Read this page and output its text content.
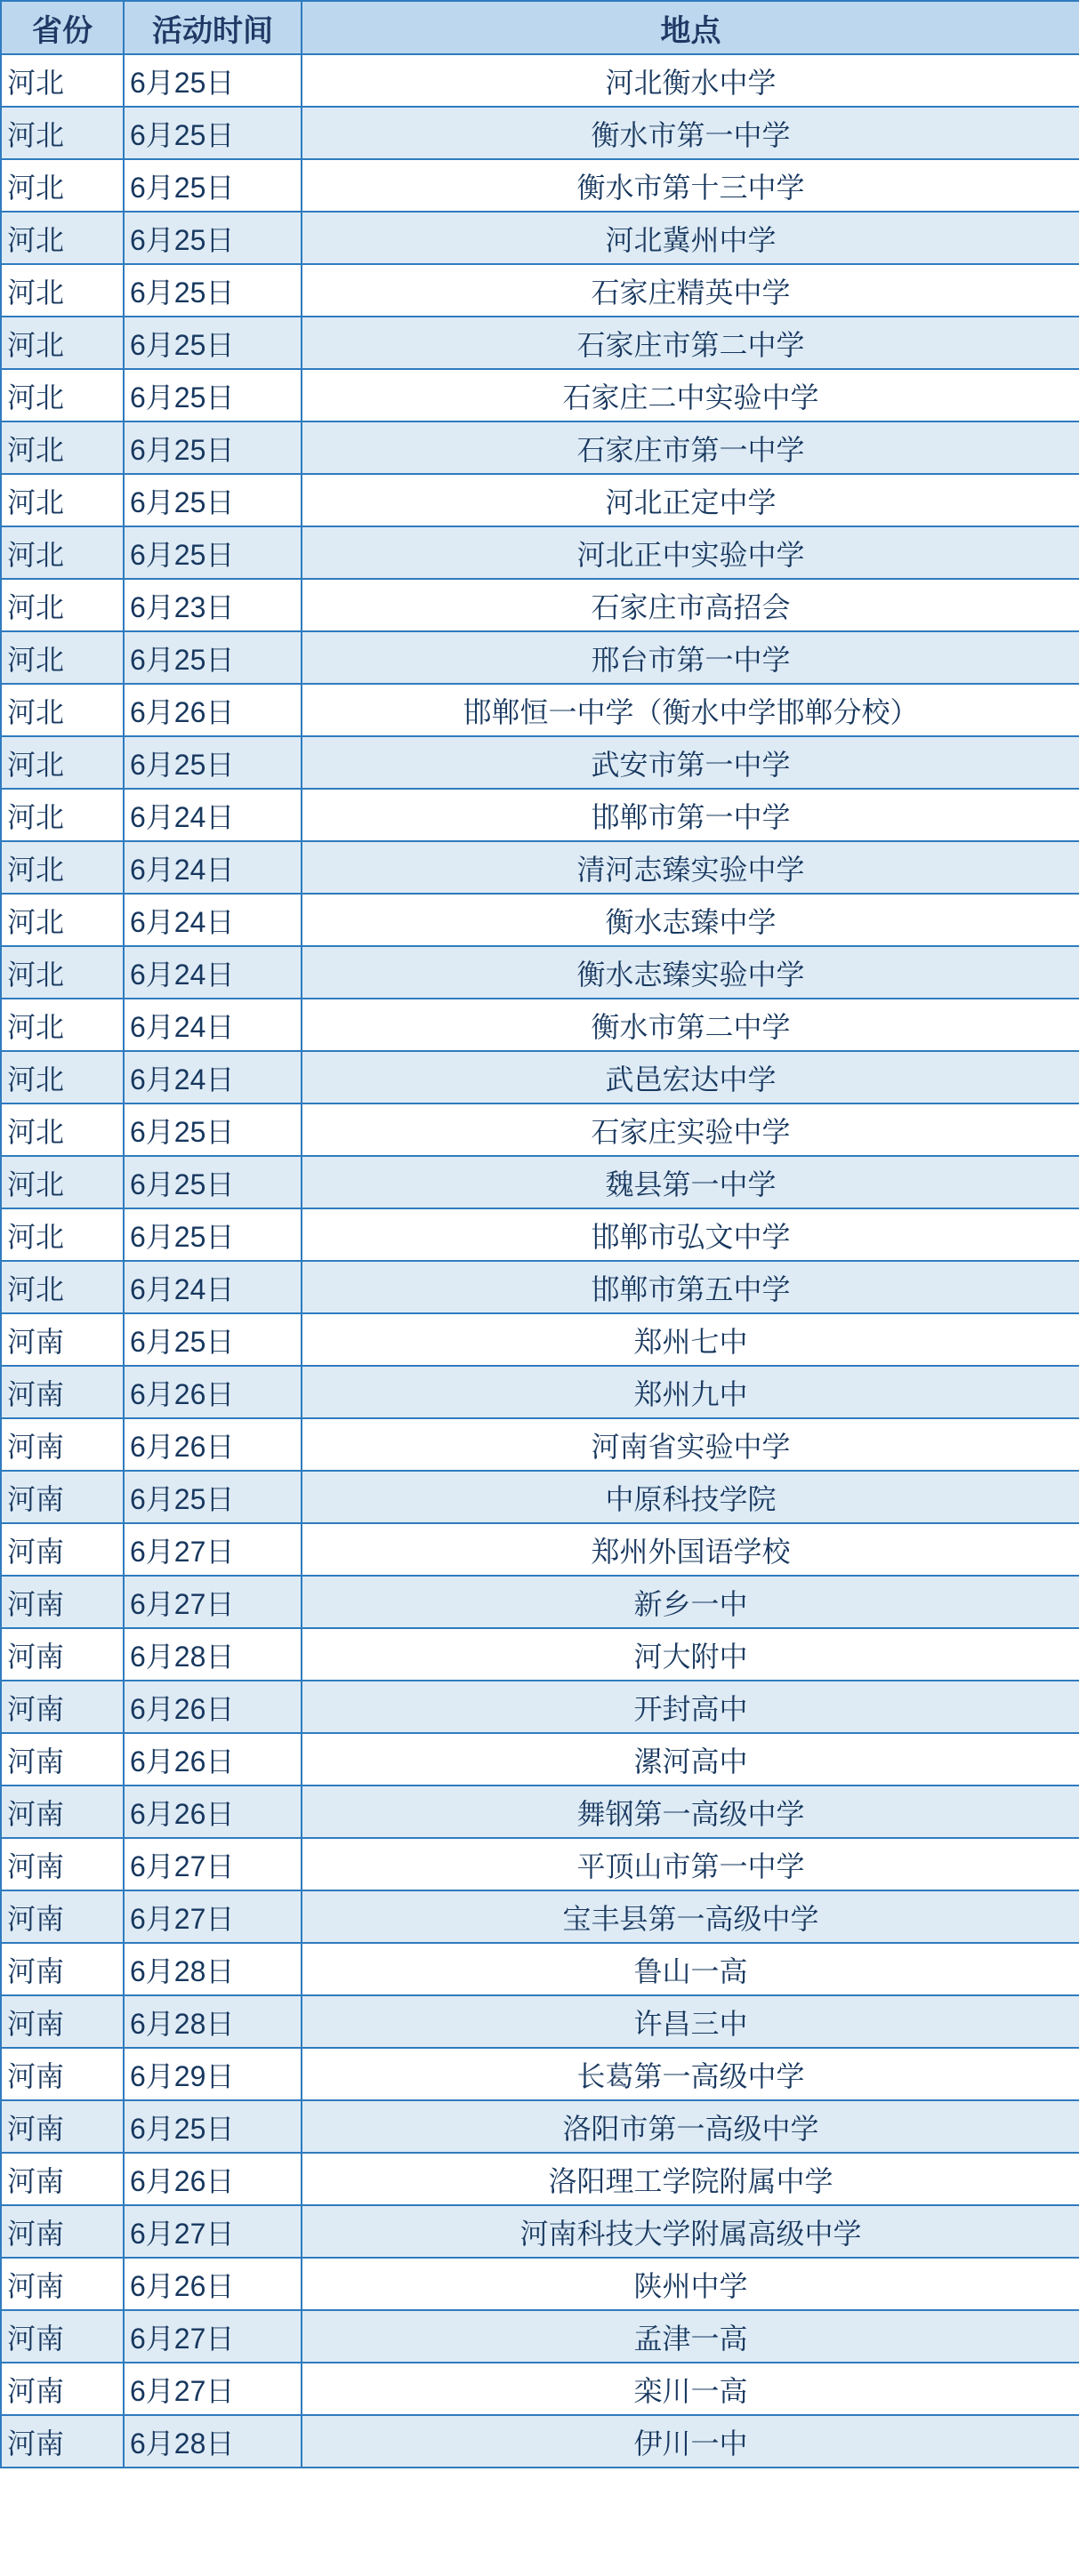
省份	活动时间	地点
河北	6月25日	河北衡水中学
河北	6月25日	衡水市第一中学
河北	6月25日	衡水市第十三中学
河北	6月25日	河北冀州中学
河北	6月25日	石家庄精英中学
河北	6月25日	石家庄市第二中学
河北	6月25日	石家庄二中实验中学
河北	6月25日	石家庄市第一中学
河北	6月25日	河北正定中学
河北	6月25日	河北正中实验中学
河北	6月23日	石家庄市高招会
河北	6月25日	邢台市第一中学
河北	6月26日	邯郸恒一中学（衡水中学邯郸分校）
河北	6月25日	武安市第一中学
河北	6月24日	邯郸市第一中学
河北	6月24日	清河志臻实验中学
河北	6月24日	衡水志臻中学
河北	6月24日	衡水志臻实验中学
河北	6月24日	衡水市第二中学
河北	6月24日	武邑宏达中学
河北	6月25日	石家庄实验中学
河北	6月25日	魏县第一中学
河北	6月25日	邯郸市弘文中学
河北	6月24日	邯郸市第五中学
河南	6月25日	郑州七中
河南	6月26日	郑州九中
河南	6月26日	河南省实验中学
河南	6月25日	中原科技学院
河南	6月27日	郑州外国语学校
河南	6月27日	新乡一中
河南	6月28日	河大附中
河南	6月26日	开封高中
河南	6月26日	漯河高中
河南	6月26日	舞钢第一高级中学
河南	6月27日	平顶山市第一中学
河南	6月27日	宝丰县第一高级中学
河南	6月28日	鲁山一高
河南	6月28日	许昌三中
河南	6月29日	长葛第一高级中学
河南	6月25日	洛阳市第一高级中学
河南	6月26日	洛阳理工学院附属中学
河南	6月27日	河南科技大学附属高级中学
河南	6月26日	陕州中学
河南	6月27日	孟津一高
河南	6月27日	栾川一高
河南	6月28日	伊川一中
